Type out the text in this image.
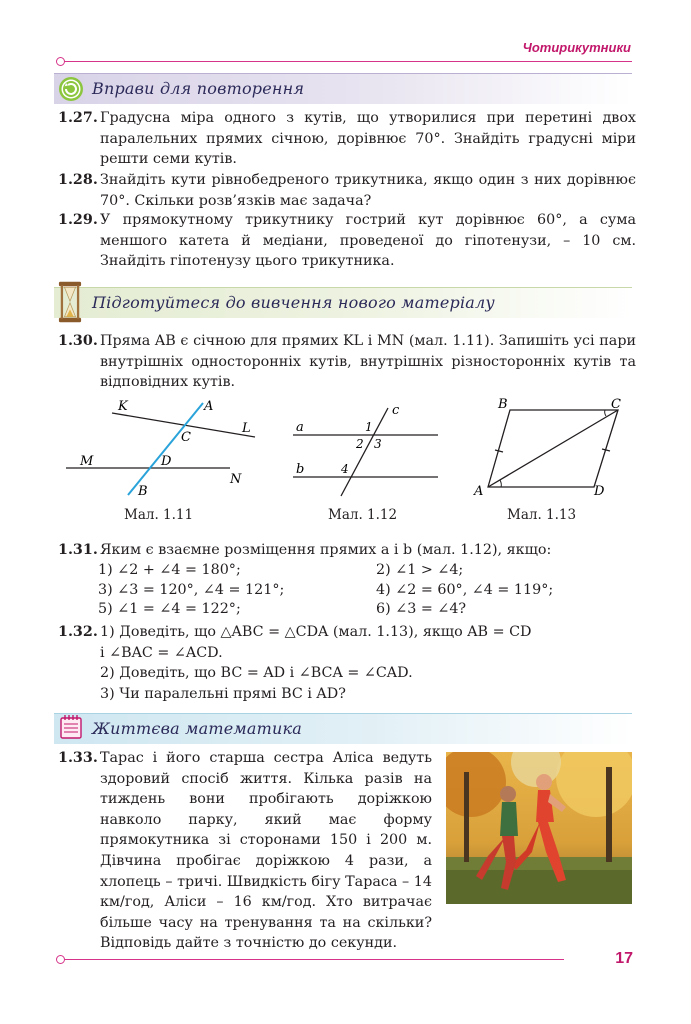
Чотирикутники
Вправи для повторення
1.27. Градусна міра одного з кутів, що утворилися при перетині двох паралельних прямих січною, дорівнює 70°. Знайдіть градусні міри решти семи кутів.
1.28. Знайдіть кути рівнобедреного трикутника, якщо один з них дорівнює 70°. Скільки розв’язків має задача?
1.29. У прямокутному трикутнику гострий кут дорівнює 60°, а сума меншого катета й медіани, проведеної до гіпотенузи, – 10 см. Знайдіть гіпотенузу цього трикутника.
Підготуйтеся до вивчення нового матеріалу
1.30. Пряма AB є січною для прямих KL і MN (мал. 1.11). Запишіть усі пари внутрішніх односторонніх кутів, внутрішніх різносторонніх кутів та відповідних кутів.
K	A
L
C
M	D
N
B
Мал. 1.11
a
b
c
1
2 3
4
Мал. 1.12
A
B	C
D
Мал. 1.13
1.31. Яким є взаємне розміщення прямих a і b (мал. 1.12), якщо:
1) ∠2 + ∠4 = 180°;	2) ∠1 > ∠4;
3) ∠3 = 120°, ∠4 = 121°;	4) ∠2 = 60°, ∠4 = 119°;
5) ∠1 = ∠4 = 122°;	6) ∠3 = ∠4?
1.32. 1) Доведіть, що △ABC = △CDA (мал. 1.13), якщо AB = CD
і ∠BAC = ∠ACD.
2) Доведіть, що BC = AD і ∠BCA = ∠CAD.
3) Чи паралельні прямі BC і AD?
Життєва математика
1.33. Тарас і його старша сестра Аліса ведуть здоровий спосіб життя. Кілька разів на тиждень вони пробігають доріжкою навколо парку, який має форму прямокутника зі сторонами 150 і 200 м. Дівчина пробігає доріжкою 4 рази, а хлопець – тричі. Швидкість бігу Тараса – 14 км/год, Аліси – 16 км/год. Хто витрачає більше часу на тренування та на скільки? Відповідь дайте з точністю до секунди.
17
